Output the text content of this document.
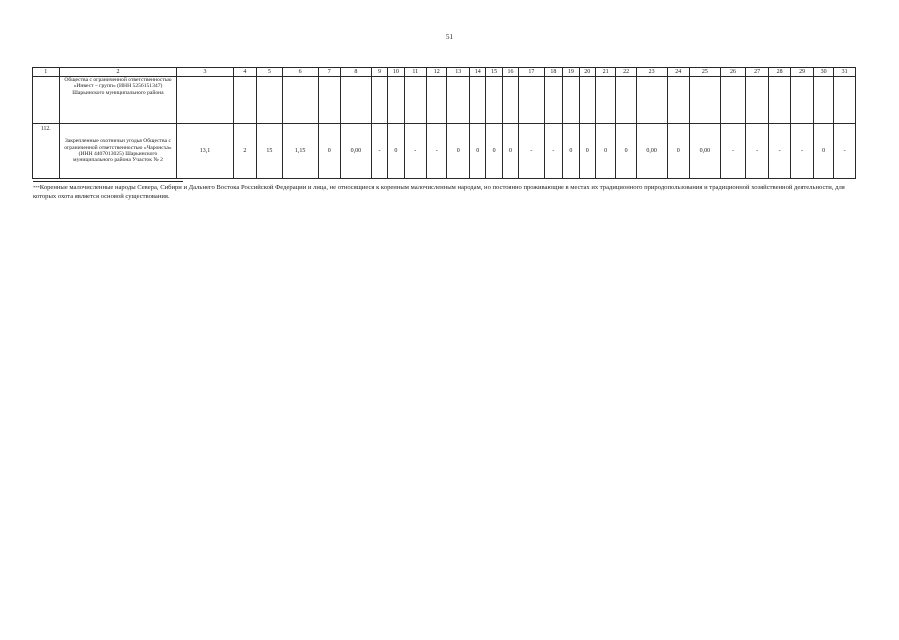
51
1	2	3	4	5	6	7	8	9	10	11	12	13	14	15	16	17	18	19	20	21	22	23	24	25	26	27	28	29	30	31
	Общества с ограниченной ответственностью «Инвест – групп» (ИНН 5256151347) Шарьинского муниципального района																													
112.	Закрепленные охотничьи угодья Общества с ограниченной ответственностью «Чаронсха» (ИНН 4407013025) Шарьинского муниципального района Участок № 2	13,1	2	15	1,15	0	0,00	-	0	-	-	0	0	0	0	-	-	0	0	0	0	0,00	0	0,00	-	-	-	-	0	-
***Коренные малочисленные народы Севера, Сибири и Дальнего Востока Российской Федерации и лица, не относящиеся к коренным малочисленным народам, но постоянно проживающие в местах их традиционного природопользования и традиционной хозяйственной деятельности, для которых охота является основой существования.
